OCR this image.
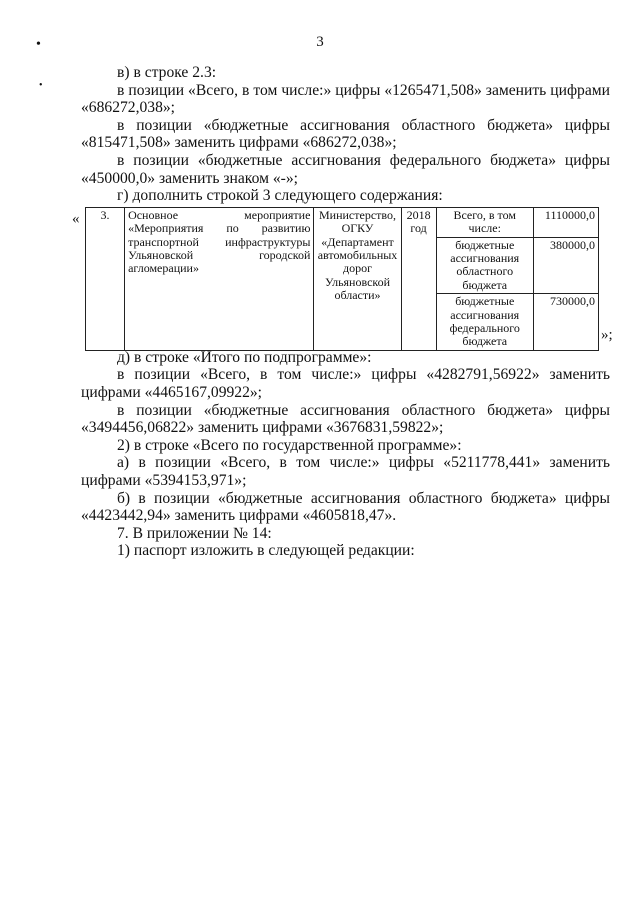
3
•
•

в) в строке 2.3:

в позиции «Всего, в том числе:» цифры «1265471,508» заменить цифрами «686272,038»;

в позиции «бюджетные ассигнования областного бюджета» цифры «815471,508» заменить цифрами «686272,038»;

в позиции «бюджетные ассигнования федерального бюджета» цифры «450000,0» заменить знаком «-»;

г) дополнить строкой 3 следующего содержания:

« 3.	Основное мероприятие «Мероприятия по развитию транспортной инфраструктуры Ульяновской городской агломерации»	Министерство, ОГКУ «Департамент автомобильных дорог Ульяновской области»	2018 год	Всего, в том числе:	1110000,0
				бюджетные ассигнования областного бюджета	380000,0
				бюджетные ассигнования федерального бюджета	730000,0
»;

д) в строке «Итого по подпрограмме»:

в позиции «Всего, в том числе:» цифры «4282791,56922» заменить цифрами «4465167,09922»;

в позиции «бюджетные ассигнования областного бюджета» цифры «3494456,06822» заменить цифрами «3676831,59822»;

2) в строке «Всего по государственной программе»:

а) в позиции «Всего, в том числе:» цифры «5211778,441» заменить цифрами «5394153,971»;

б) в позиции «бюджетные ассигнования областного бюджета» цифры «4423442,94» заменить цифрами «4605818,47».

7. В приложении № 14:

1) паспорт изложить в следующей редакции:
